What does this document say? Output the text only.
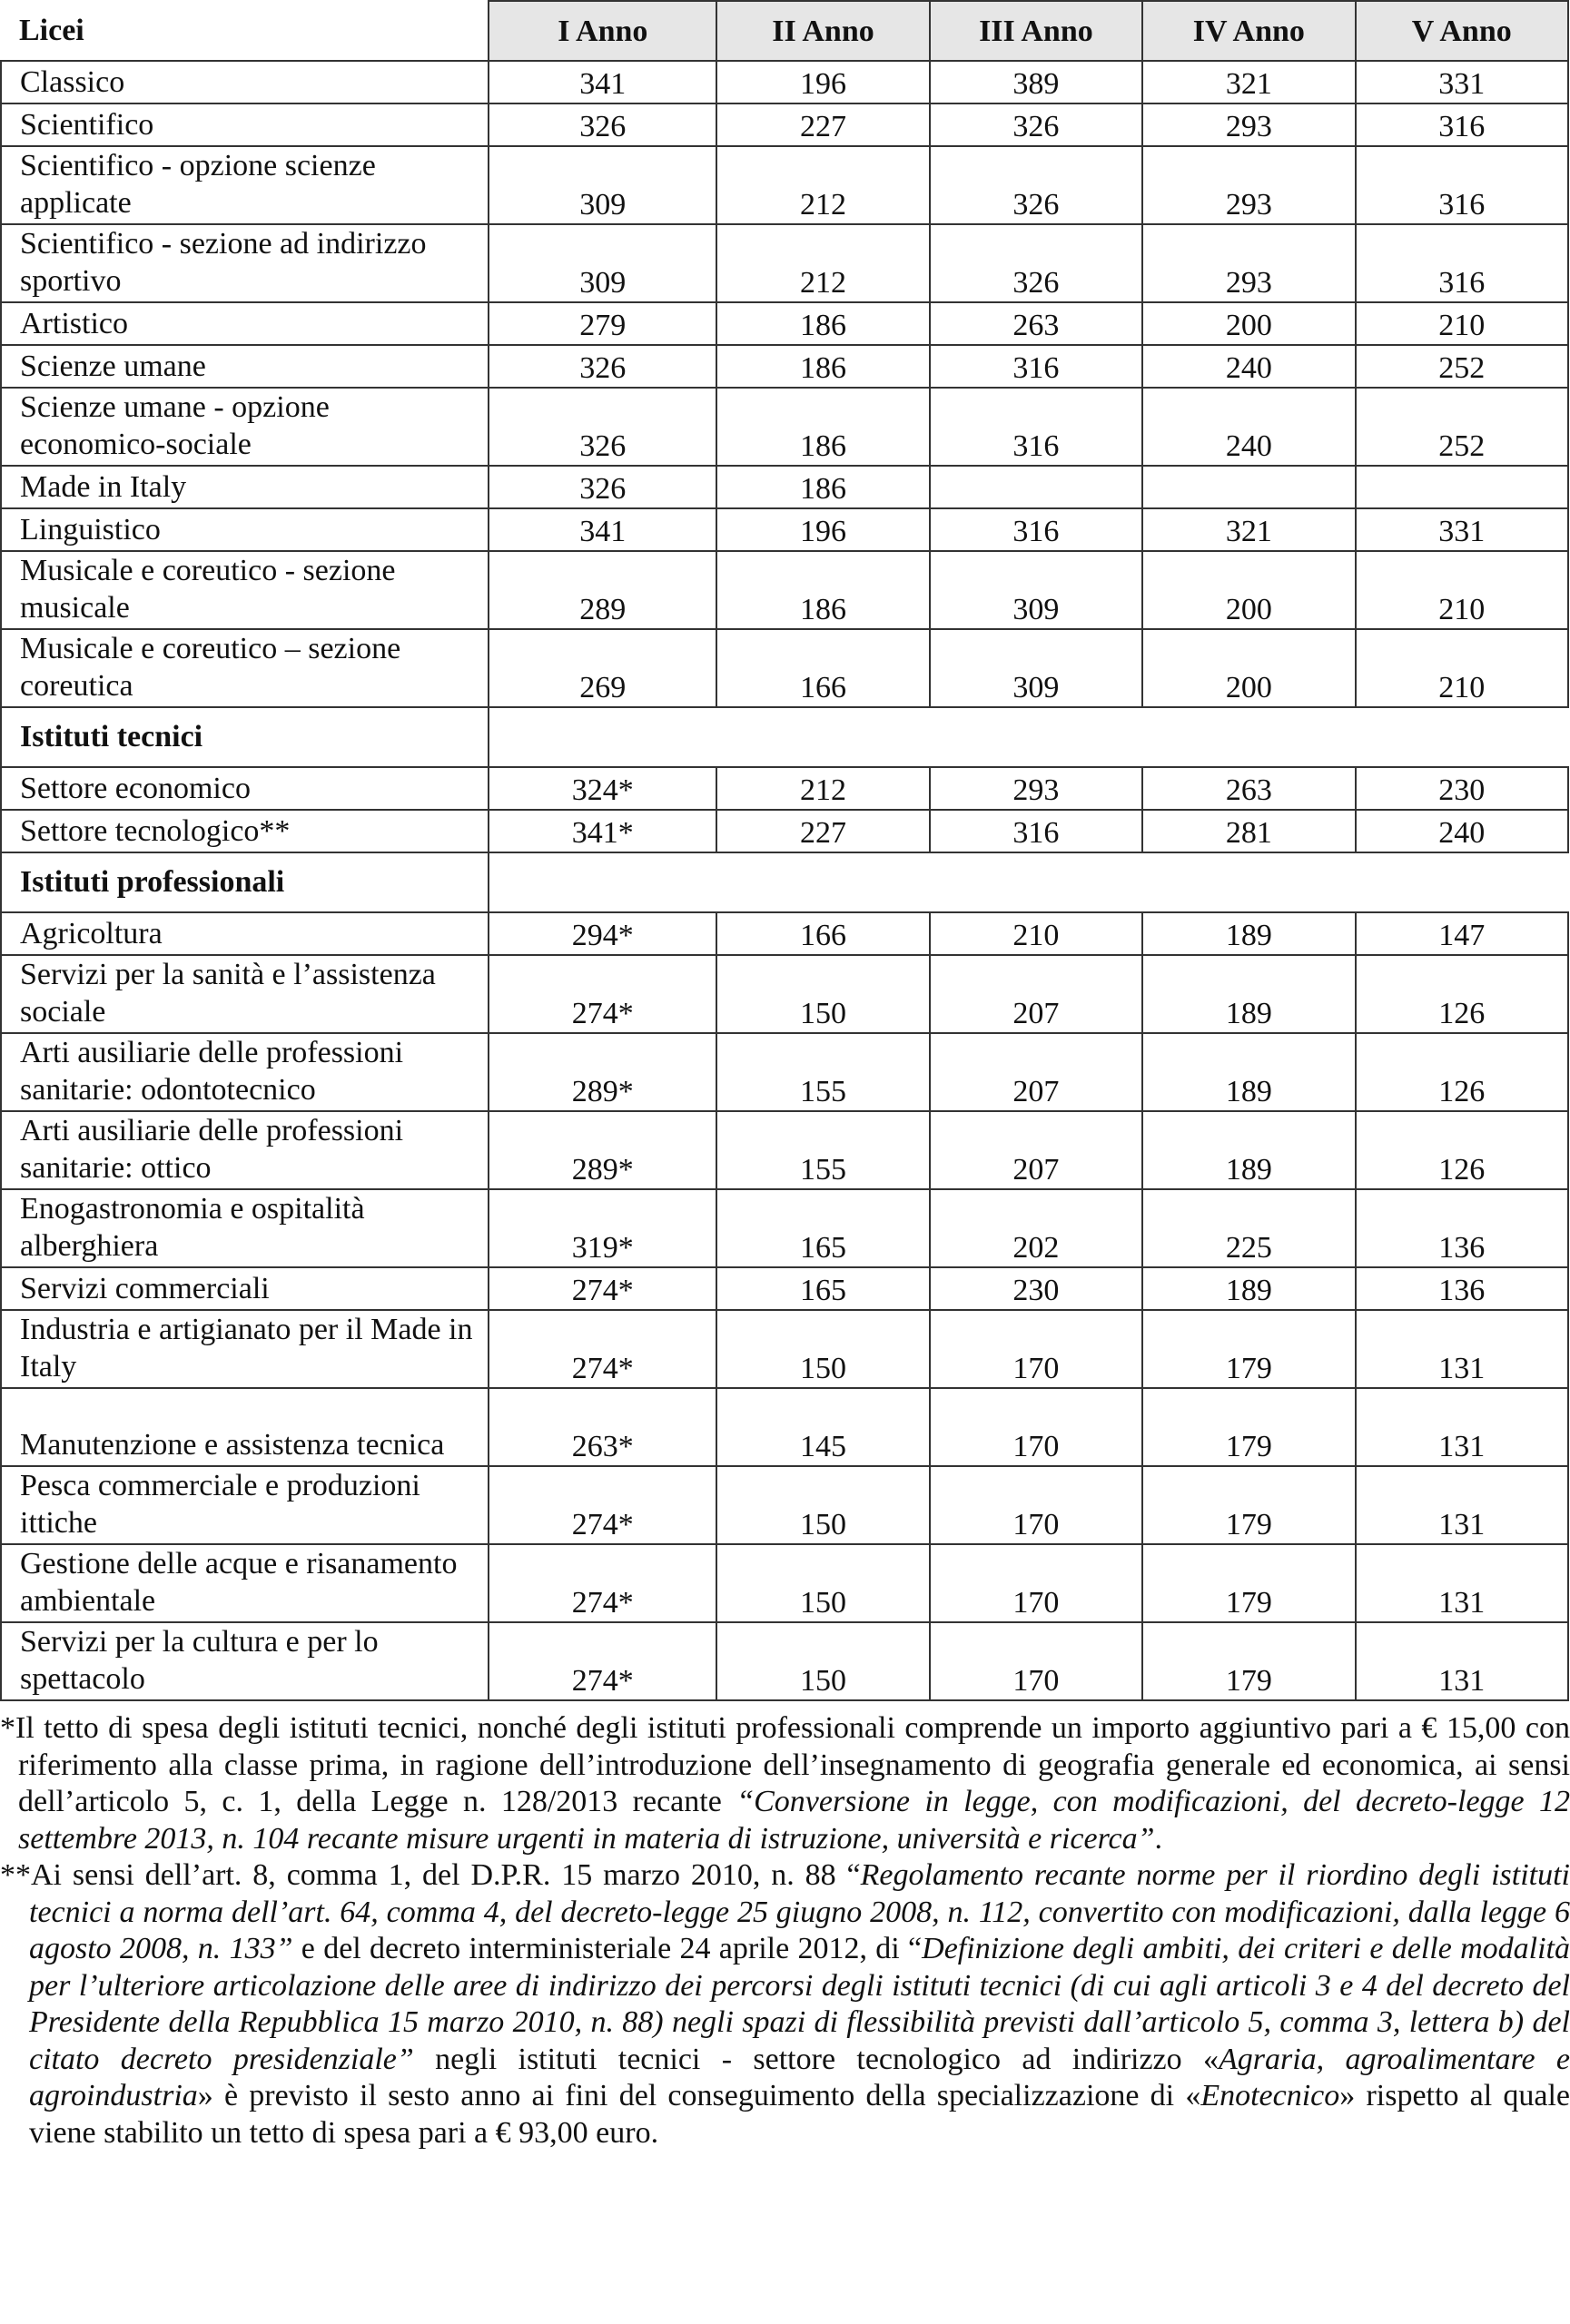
Licei	I Anno	II Anno	III Anno	IV Anno	V Anno
Classico	341	196	389	321	331
Scientifico	326	227	326	293	316
Scientifico - opzione scienze applicate	309	212	326	293	316
Scientifico - sezione ad indirizzo sportivo	309	212	326	293	316
Artistico	279	186	263	200	210
Scienze umane	326	186	316	240	252
Scienze umane - opzione economico-sociale	326	186	316	240	252
Made in Italy	326	186			
Linguistico	341	196	316	321	331
Musicale e coreutico - sezione musicale	289	186	309	200	210
Musicale e coreutico – sezione coreutica	269	166	309	200	210
Istituti tecnici					
Settore economico	324*	212	293	263	230
Settore tecnologico**	341*	227	316	281	240
Istituti professionali					
Agricoltura	294*	166	210	189	147
Servizi per la sanità e l’assistenza sociale	274*	150	207	189	126
Arti ausiliarie delle professioni sanitarie: odontotecnico	289*	155	207	189	126
Arti ausiliarie delle professioni sanitarie: ottico	289*	155	207	189	126
Enogastronomia e ospitalità alberghiera	319*	165	202	225	136
Servizi commerciali	274*	165	230	189	136
Industria e artigianato per il Made in Italy	274*	150	170	179	131
Manutenzione e assistenza tecnica	263*	145	170	179	131
Pesca commerciale e produzioni ittiche	274*	150	170	179	131
Gestione delle acque e risanamento ambientale	274*	150	170	179	131
Servizi per la cultura e per lo spettacolo	274*	150	170	179	131

*Il tetto di spesa degli istituti tecnici, nonché degli istituti professionali comprende un importo aggiuntivo pari a € 15,00 con riferimento alla classe prima, in ragione dell’introduzione dell’insegnamento di geografia generale ed economica, ai sensi dell’articolo 5, c. 1, della Legge n. 128/2013 recante “Conversione in legge, con modificazioni, del decreto-legge 12 settembre 2013, n. 104 recante misure urgenti in materia di istruzione, università e ricerca”.

**Ai sensi dell’art. 8, comma 1, del D.P.R. 15 marzo 2010, n. 88 “Regolamento recante norme per il riordino degli istituti tecnici a norma dell’art. 64, comma 4, del decreto-legge 25 giugno 2008, n. 112, convertito con modificazioni, dalla legge 6 agosto 2008, n. 133” e del decreto interministeriale 24 aprile 2012, di “Definizione degli ambiti, dei criteri e delle modalità per l’ulteriore articolazione delle aree di indirizzo dei percorsi degli istituti tecnici (di cui agli articoli 3 e 4 del decreto del Presidente della Repubblica 15 marzo 2010, n. 88) negli spazi di flessibilità previsti dall’articolo 5, comma 3, lettera b) del citato decreto presidenziale” negli istituti tecnici - settore tecnologico ad indirizzo «Agraria, agroalimentare e agroindustria» è previsto il sesto anno ai fini del conseguimento della specializzazione di «Enotecnico» rispetto al quale viene stabilito un tetto di spesa pari a € 93,00 euro.
